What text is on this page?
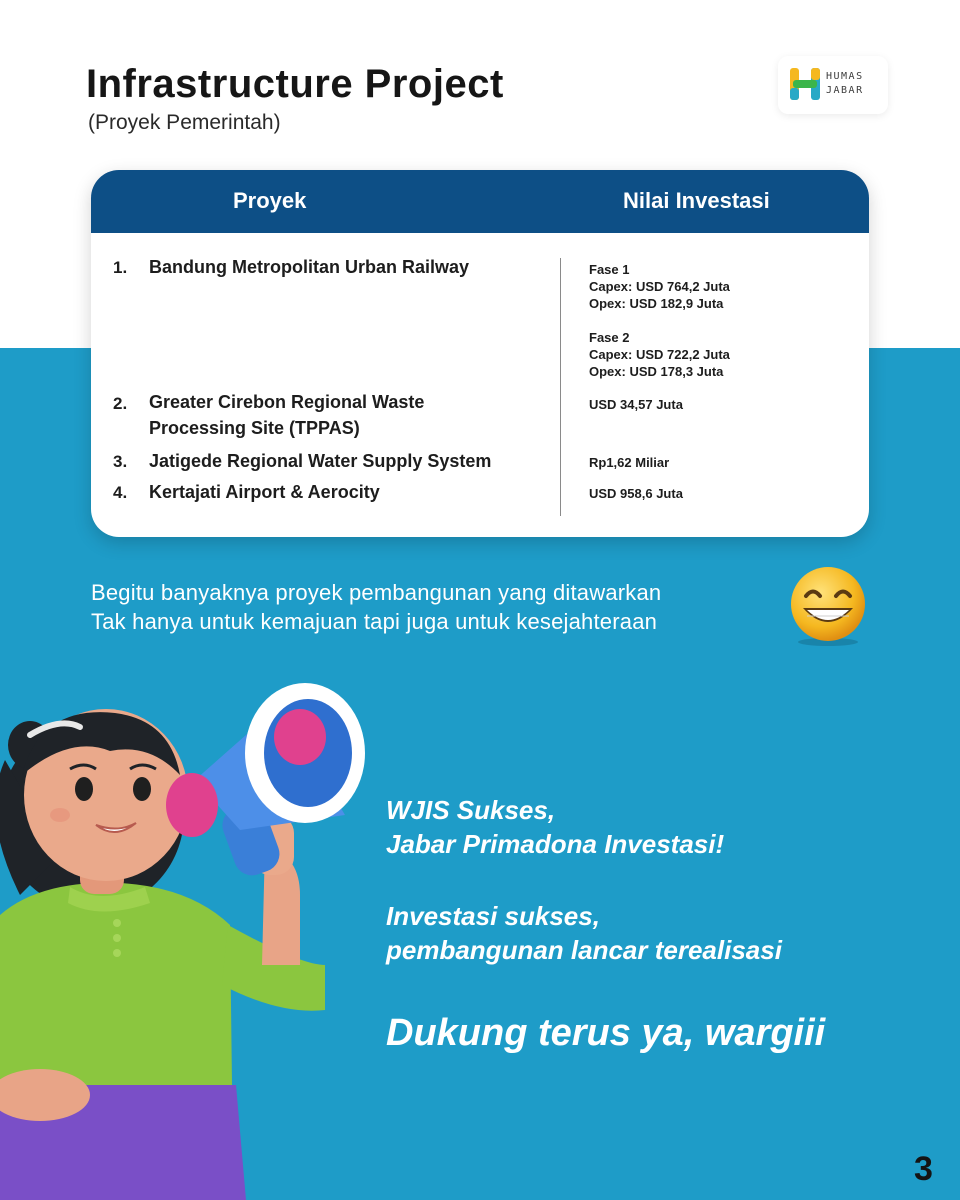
Infrastructure Project
(Proyek Pemerintah)
HUMAS
JABAR
Proyek	Nilai Investasi
1.	Bandung Metropolitan Urban Railway	Fase 1
Capex: USD 764,2 Juta
Opex: USD 182,9 Juta
Fase 2
Capex: USD 722,2 Juta
Opex: USD 178,3 Juta
2.	Greater Cirebon Regional Waste Processing Site (TPPAS)
USD 34,57 Juta
3.	Jatigede Regional Water Supply System	Rp1,62 Miliar
4.	Kertajati Airport & Aerocity	USD 958,6 Juta
Begitu banyaknya proyek pembangunan yang ditawarkan
Tak hanya untuk kemajuan tapi juga untuk kesejahteraan
WJIS Sukses,
Jabar Primadona Investasi!
Investasi sukses,
pembangunan lancar terealisasi
Dukung terus ya, wargiii
3
